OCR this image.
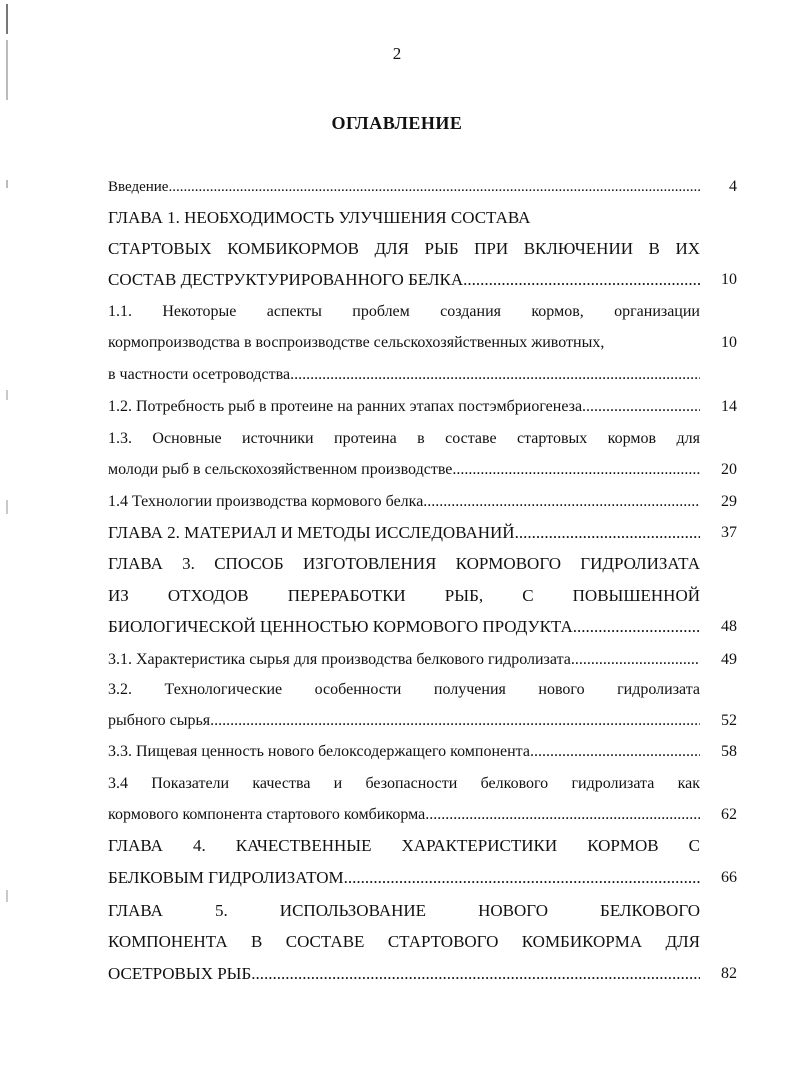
2
ОГЛАВЛЕНИЕ
Введение .....	4
ГЛАВА 1. НЕОБХОДИМОСТЬ УЛУЧШЕНИЯ СОСТАВА
СТАРТОВЫХ КОМБИКОРМОВ ДЛЯ РЫБ ПРИ ВКЛЮЧЕНИИ В ИХ
СОСТАВ ДЕСТРУКТУРИРОВАННОГО БЕЛКА .....	10
1.1. Некоторые аспекты проблем создания кормов, организации
кормопроизводства в воспроизводстве сельскохозяйственных животных,	10
в частности осетроводства .....
1.2. Потребность рыб в протеине на ранних этапах постэмбриогенеза .....	14
1.3. Основные источники протеина в составе стартовых кормов для
молоди рыб в сельскохозяйственном производстве .....	20
1.4 Технологии производства кормового белка .....	29
ГЛАВА 2. МАТЕРИАЛ И МЕТОДЫ ИССЛЕДОВАНИЙ .....	37
ГЛАВА 3. СПОСОБ ИЗГОТОВЛЕНИЯ КОРМОВОГО ГИДРОЛИЗАТА
ИЗ ОТХОДОВ ПЕРЕРАБОТКИ РЫБ, С ПОВЫШЕННОЙ
БИОЛОГИЧЕСКОЙ ЦЕННОСТЬЮ КОРМОВОГО ПРОДУКТА .....	48
3.1. Характеристика сырья для производства белкового гидролизата .....	49
3.2. Технологические особенности получения нового гидролизата
рыбного сырья .....	52
3.3. Пищевая ценность нового белоксодержащего компонента .....	58
3.4 Показатели качества и безопасности белкового гидролизата как
кормового компонента стартового комбикорма .....	62
ГЛАВА 4. КАЧЕСТВЕННЫЕ ХАРАКТЕРИСТИКИ КОРМОВ С
БЕЛКОВЫМ ГИДРОЛИЗАТОМ .....	66
ГЛАВА 5. ИСПОЛЬЗОВАНИЕ НОВОГО БЕЛКОВОГО
КОМПОНЕНТА В СОСТАВЕ СТАРТОВОГО КОМБИКОРМА ДЛЯ
ОСЕТРОВЫХ РЫБ .....	82
